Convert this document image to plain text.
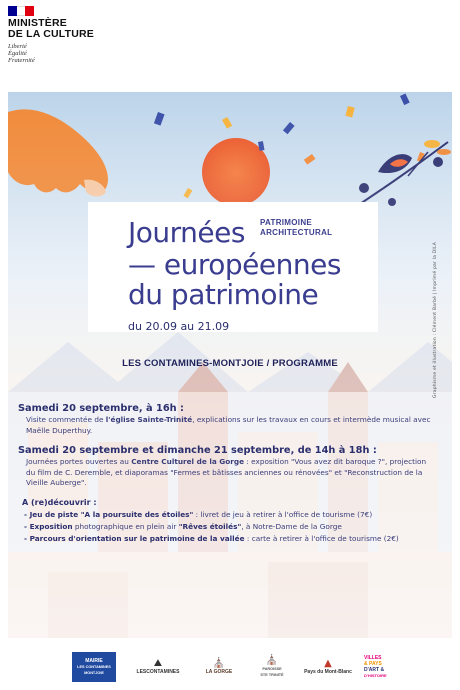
MINISTÈRE
DE LA CULTURE
Liberté
Égalité
Fraternité
PATRIMOINE
ARCHITECTURAL
Journées
— européennes
du patrimoine
du 20.09 au 21.09	Graphisme et illustration : Clément Barbé | Imprimé par la DILA
LES CONTAMINES-MONTJOIE / PROGRAMME
Samedi 20 septembre, à 16h :
Visite commentée de l'église Sainte-Trinité, explications sur les travaux en cours et intermède musical avec Maëlle Duperthuy.
Samedi 20 septembre et dimanche 21 septembre, de 14h à 18h :
Journées portes ouvertes au Centre Culturel de la Gorge : exposition "Vous avez dit baroque ?", projection du film de C. Deremble, et diaporamas "Fermes et bâtisses anciennes ou rénovées" et "Reconstruction de la Vieille Auberge".
A (re)découvrir :
- Jeu de piste "A la poursuite des étoiles" : livret de jeu à retirer à l'office de tourisme (7€)
- Exposition photographique en plein air "Rêves étoilés", à Notre-Dame de la Gorge
- Parcours d'orientation sur le patrimoine de la vallée : carte à retirer à l'office de tourisme (2€)
MAIRIE
LES CONTAMINES
MONTJOIE
⛰
LESCONTAMINES
⛪
LA GORGE
⛪
PAROISSE
STE TRINITÉ
▲
Pays du Mont-Blanc
VILLES
& PAYS
D'ART &
D'HISTOIRE
